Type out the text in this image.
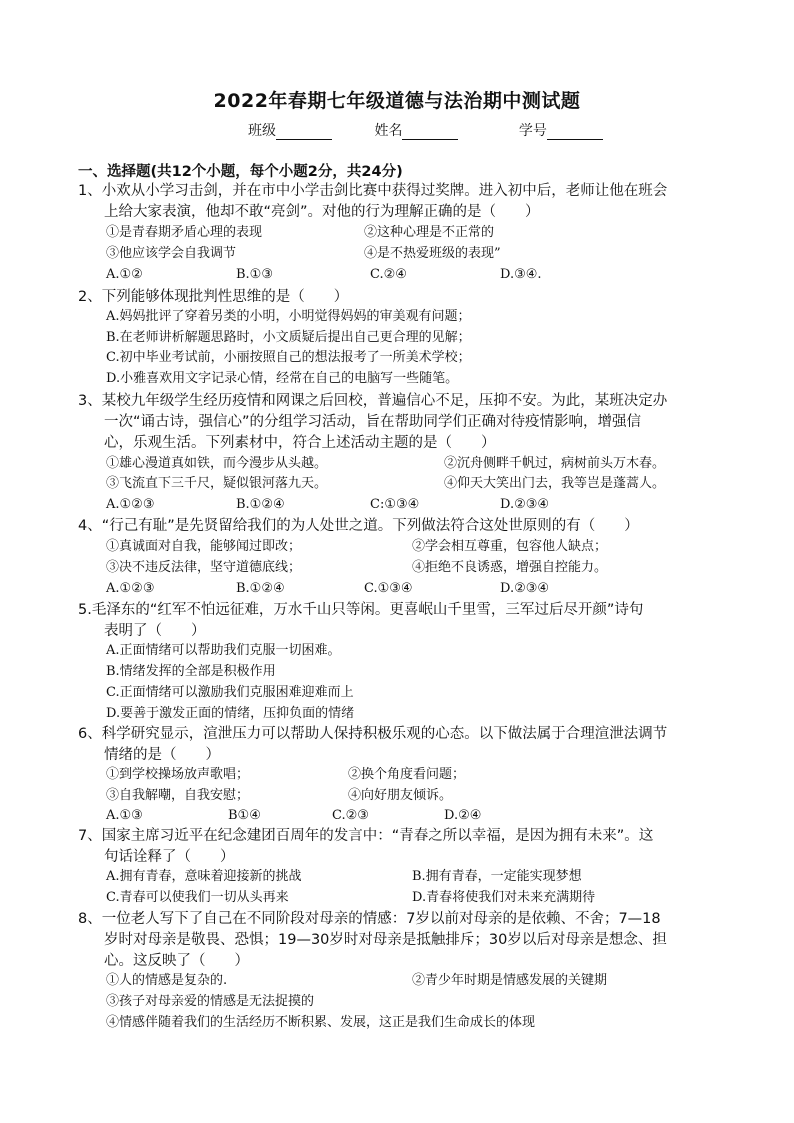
2022年春期七年级道德与法治期中测试题
班级	姓名	学号
一、选择题(共12个小题，每个小题2分，共24分)
1、小欢从小学习击剑，并在市中小学击剑比赛中获得过奖牌。进入初中后，老师让他在班会
上给大家表演，他却不敢“亮剑”。对他的行为理解正确的是（　　）
①是青春期矛盾心理的表现	②这种心理是不正常的
③他应该学会自我调节	④是不热爱班级的表现”
A.①②	B.①③	C.②④	D.③④.
2、下列能够体现批判性思维的是（　　）
A.妈妈批评了穿着另类的小明，小明觉得妈妈的审美观有问题；
B.在老师讲析解题思路时，小文质疑后提出自己更合理的见解；
C.初中毕业考试前，小丽按照自己的想法报考了一所美术学校；
D.小雅喜欢用文字记录心情，经常在自己的电脑写一些随笔。
3、某校九年级学生经历疫情和网课之后回校，普遍信心不足，压抑不安。为此，某班决定办
一次“诵古诗，强信心”的分组学习活动，旨在帮助同学们正确对待疫情影响，增强信
心，乐观生活。下列素材中，符合上述活动主题的是（　　）
①雄心漫道真如铁，而今漫步从头越。	②沉舟侧畔千帆过，病树前头万木春。
③飞流直下三千尺，疑似银河落九天。	④仰天大笑出门去，我等岂是蓬蒿人。
A.①②③	B.①②④	C:①③④	D.②③④
4、“行己有耻”是先贤留给我们的为人处世之道。下列做法符合这处世原则的有（　　）
①真诚面对自我，能够闻过即改；	②学会相互尊重，包容他人缺点；
③决不违反法律，坚守道德底线；	④拒绝不良诱惑，增强自控能力。
A.①②③	B.①②④	C.①③④	D.②③④
5.毛泽东的“红军不怕远征难，万水千山只等闲。更喜岷山千里雪，三军过后尽开颜”诗句
表明了（　　）
A.正面情绪可以帮助我们克服一切困难。
B.情绪发挥的全部是积极作用
C.正面情绪可以激励我们克服困难迎难而上
D.要善于激发正面的情绪，压抑负面的情绪
6、科学研究显示，渲泄压力可以帮助人保持积极乐观的心态。以下做法属于合理渲泄法调节
情绪的是（　　）
①到学校操场放声歌唱；	②换个角度看问题；
③自我解嘲，自我安慰；	④向好朋友倾诉。
A.①③	B①④	C.②③	D.②④
7、国家主席习近平在纪念建团百周年的发言中：“青春之所以幸福，是因为拥有未来”。这
句话诠释了（　　）
A.拥有青春，意味着迎接新的挑战	B.拥有青春，一定能实现梦想
C.青春可以使我们一切从头再来	D.青春将使我们对未来充满期待
8、一位老人写下了自己在不同阶段对母亲的情感：7岁以前对母亲的是依赖、不舍；7—18
岁时对母亲是敬畏、恐惧；19—30岁时对母亲是抵触排斥；30岁以后对母亲是想念、担
心。这反映了（　　）
①人的情感是复杂的.	②青少年时期是情感发展的关键期
③孩子对母亲爱的情感是无法捉摸的
④情感伴随着我们的生活经历不断积累、发展，这正是我们生命成长的体现
